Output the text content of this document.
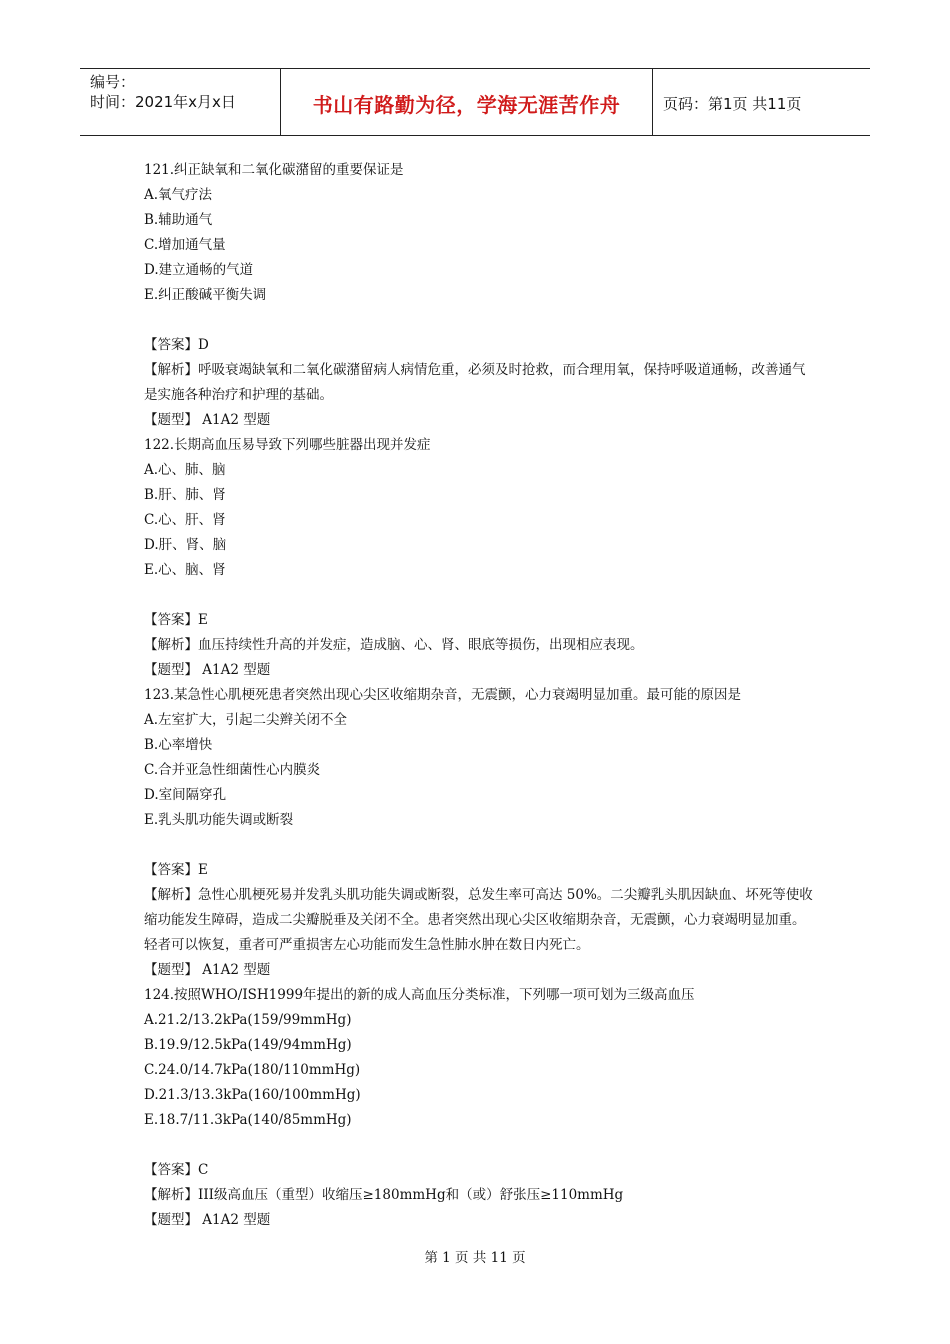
编号：
时间：2021年x月x日	书山有路勤为径，学海无涯苦作舟	页码：第1页 共11页
121.纠正缺氧和二氧化碳潴留的重要保证是
A.氧气疗法
B.辅助通气
C.增加通气量
D.建立通畅的气道
E.纠正酸碱平衡失调
【答案】D
【解析】呼吸衰竭缺氧和二氧化碳潴留病人病情危重，必须及时抢救，而合理用氧，保持呼吸道通畅，改善通气是实施各种治疗和护理的基础。
【题型】 A1A2 型题
122.长期高血压易导致下列哪些脏器出现并发症
A.心、肺、脑
B.肝、肺、肾
C.心、肝、肾
D.肝、肾、脑
E.心、脑、肾
【答案】E
【解析】血压持续性升高的并发症，造成脑、心、肾、眼底等损伤，出现相应表现。
【题型】 A1A2 型题
123.某急性心肌梗死患者突然出现心尖区收缩期杂音，无震颤，心力衰竭明显加重。最可能的原因是
A.左室扩大，引起二尖辫关闭不全
B.心率增快
C.合并亚急性细菌性心内膜炎
D.室间隔穿孔
E.乳头肌功能失调或断裂
【答案】E
【解析】急性心肌梗死易并发乳头肌功能失调或断裂，总发生率可高达 50%。二尖瓣乳头肌因缺血、坏死等使收缩功能发生障碍，造成二尖瓣脱垂及关闭不全。患者突然出现心尖区收缩期杂音，无震颤，心力衰竭明显加重。轻者可以恢复，重者可严重损害左心功能而发生急性肺水肿在数日内死亡。
【题型】 A1A2 型题
124.按照WHO/ISH1999年提出的新的成人高血压分类标准，下列哪一项可划为三级高血压
A.21.2/13.2kPa(159/99mmHg)
B.19.9/12.5kPa(149/94mmHg)
C.24.0/14.7kPa(180/110mmHg)
D.21.3/13.3kPa(160/100mmHg)
E.18.7/11.3kPa(140/85mmHg)
【答案】C
【解析】III级高血压（重型）收缩压≥180mmHg和（或）舒张压≥110mmHg
【题型】 A1A2 型题
第 1 页 共 11 页
